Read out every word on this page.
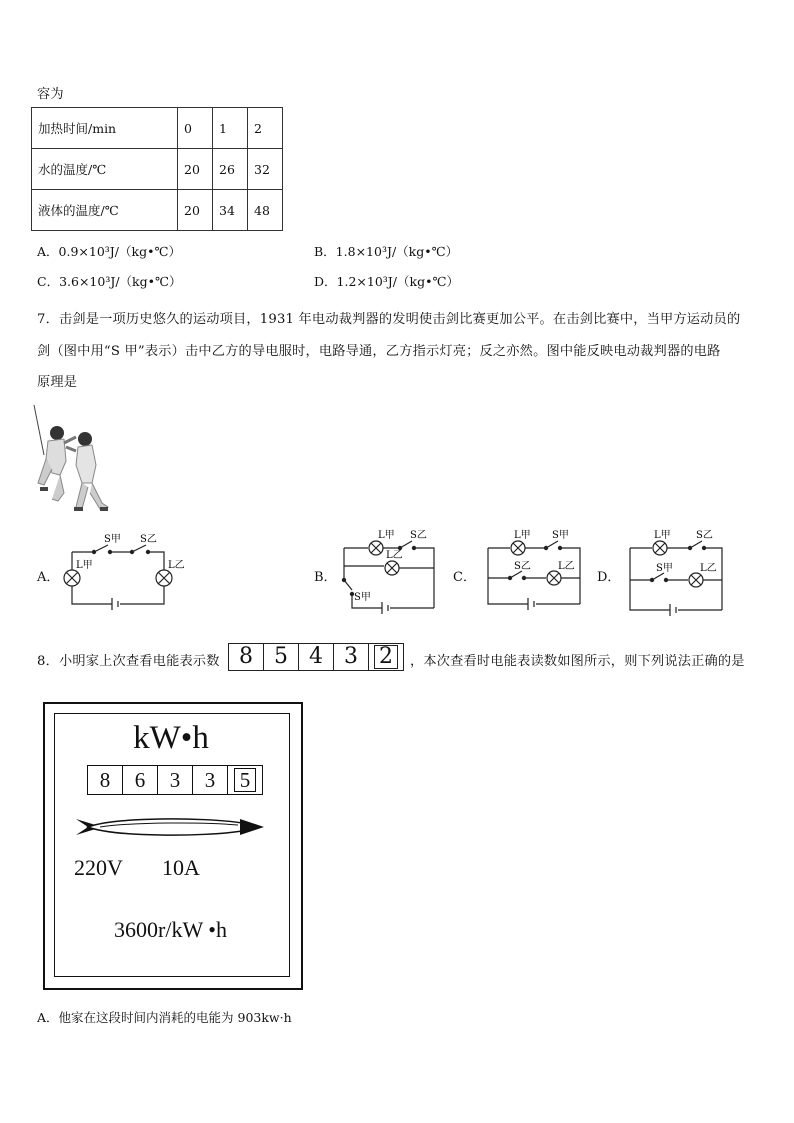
容为
加热时间/min	0	1	2
水的温度/℃	20	26	32
液体的温度/℃	20	34	48
A．0.9×10³J/（kg•℃）	B．1.8×10³J/（kg•℃）
C．3.6×10³J/（kg•℃）	D．1.2×10³J/（kg•℃）
7．击剑是一项历史悠久的运动项目，1931 年电动裁判器的发明使击剑比赛更加公平。在击剑比赛中，当甲方运动员的
剑（图中用“S 甲”表示）击中乙方的导电服时，电路导通，乙方指示灯亮；反之亦然。图中能反映电动裁判器的电路
原理是
A．
S甲 S乙
L甲	L乙
B．
L甲 S乙
L乙
S甲
C．
L甲 S甲
S乙	L乙
D．
L甲	S乙
S甲	L乙
8．小明家上次查看电能表示数 8 5 4 3 2	，本次查看时电能表读数如图所示，则下列说法正确的是
kW•h
8	6	3	3	5
220V 10A
3600r/kW •h
A．他家在这段时间内消耗的电能为 903kw·h
